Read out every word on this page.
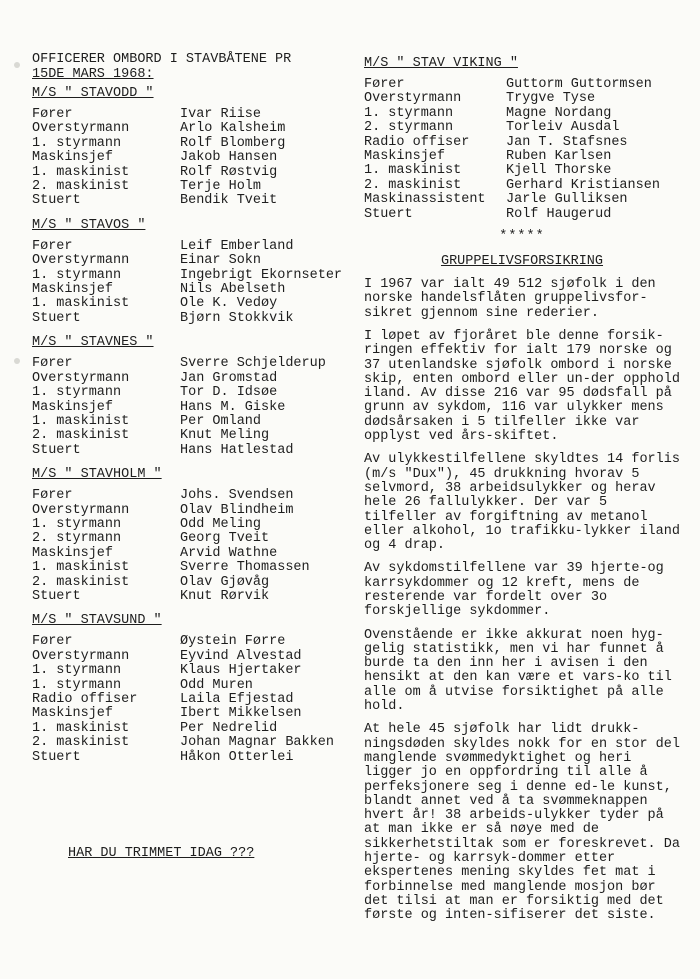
OFFICERER OMBORD I STAVBÅTENE PR
15DE MARS 1968:
M/S " STAVODD "
Fører	Ivar Riise
Overstyrmann	Arlo Kalsheim
1. styrmann	Rolf Blomberg
Maskinsjef	Jakob Hansen
1. maskinist	Rolf Røstvig
2. maskinist	Terje Holm
Stuert	Bendik Tveit
M/S " STAVOS "
Fører	Leif Emberland
Overstyrmann	Einar Sokn
1. styrmann	Ingebrigt Ekornseter
Maskinsjef	Nils Abelseth
1. maskinist	Ole K. Vedøy
Stuert	Bjørn Stokkvik
M/S " STAVNES "
Fører	Sverre Schjelderup
Overstyrmann	Jan Gromstad
1. styrmann	Tor D. Idsøe
Maskinsjef	Hans M. Giske
1. maskinist	Per Omland
2. maskinist	Knut Meling
Stuert	Hans Hatlestad
M/S " STAVHOLM "
Fører	Johs. Svendsen
Overstyrmann	Olav Blindheim
1. styrmann	Odd Meling
2. styrmann	Georg Tveit
Maskinsjef	Arvid Wathne
1. maskinist	Sverre Thomassen
2. maskinist	Olav Gjøvåg
Stuert	Knut Rørvik
M/S " STAVSUND "
Fører	Øystein Førre
Overstyrmann	Eyvind Alvestad
1. styrmann	Klaus Hjertaker
1. styrmann	Odd Muren
Radio offiser	Laila Efjestad
Maskinsjef	Ibert Mikkelsen
1. maskinist	Per Nedrelid
2. maskinist	Johan Magnar Bakken
Stuert	Håkon Otterlei
HAR DU TRIMMET IDAG ???
M/S " STAV VIKING "
Fører	Guttorm Guttormsen
Overstyrmann	Trygve Tyse
1. styrmann	Magne Nordang
2. styrmann	Torleiv Ausdal
Radio offiser	Jan T. Stafsnes
Maskinsjef	Ruben Karlsen
1. maskinist	Kjell Thorske
2. maskinist	Gerhard Kristiansen
Maskinassistent	Jarle Gulliksen
Stuert	Rolf Haugerud
*****
GRUPPELIVSFORSIKRING

I 1967 var ialt 49 512 sjøfolk i den norske handelsflåten gruppelivsfor-sikret gjennom sine rederier.

I løpet av fjoråret ble denne forsik-ringen effektiv for ialt 179 norske og 37 utenlandske sjøfolk ombord i norske skip, enten ombord eller un-der opphold iland. Av disse 216 var 95 dødsfall på grunn av sykdom, 116 var ulykker mens dødsårsaken i 5 tilfeller ikke var opplyst ved års-skiftet.

Av ulykkestilfellene skyldtes 14 forlis (m/s "Dux"), 45 drukkning hvorav 5 selvmord, 38 arbeidsulykker og herav hele 26 fallulykker. Der var 5 tilfeller av forgiftning av metanol eller alkohol, 1o trafikku-lykker iland og 4 drap.

Av sykdomstilfellene var 39 hjerte-og karrsykdommer og 12 kreft, mens de resterende var fordelt over 3o forskjellige sykdommer.

Ovenstående er ikke akkurat noen hyg-gelig statistikk, men vi har funnet å burde ta den inn her i avisen i den hensikt at den kan være et vars-ko til alle om å utvise forsiktighet på alle hold.

At hele 45 sjøfolk har lidt drukk-ningsdøden skyldes nokk for en stor del manglende svømmedyktighet og heri ligger jo en oppfordring til alle å perfeksjonere seg i denne ed-le kunst, blandt annet ved å ta svømmeknappen hvert år! 38 arbeids-ulykker tyder på at man ikke er så nøye med de sikkerhetstiltak som er foreskrevet. Da hjerte- og karrsyk-dommer etter ekspertenes mening skyldes fet mat i forbinnelse med manglende mosjon bør det tilsi at man er forsiktig med det første og inten-sifiserer det siste.
